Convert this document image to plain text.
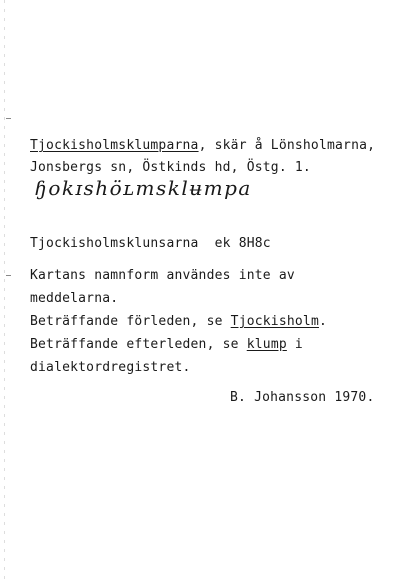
Tjockisholmsklumparna, skär å Lönsholmarna,
Jonsbergs sn, Östkinds hd, Östg. 1.
ɧokɪshöʟmsklʉmpa
Tjockisholmsklunsarna  ek 8H8c
Kartans namnform användes inte av
meddelarna.
Beträffande förleden, se Tjockisholm.
Beträffande efterleden, se klump i
dialektordregistret.
B. Johansson 1970.
